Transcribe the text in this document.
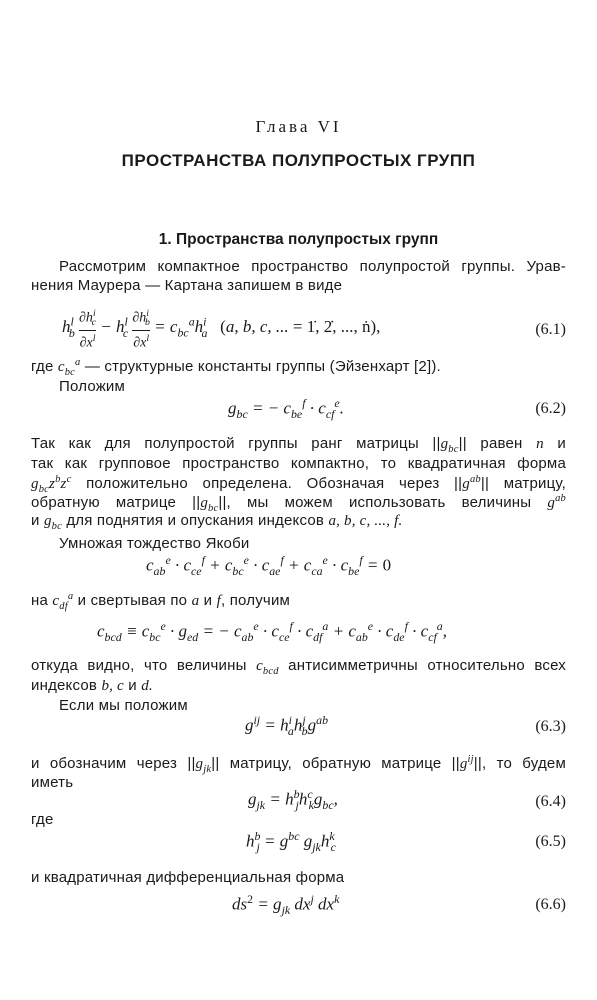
Глава VI
ПРОСТРАНСТВА ПОЛУПРОСТЫХ ГРУПП
1. Пространства полупростых групп
Рассмотрим компактное пространство полупростой группы. Урав-
нения Маурера — Картана запишем в виде
$h^l_b$
$\partial h^i_c$
$\partial x^l$
− $h^l_c$
$\partial h^i_b$
$\partial x^l$
= $c_{bc}^ah^i_a$   (a, b, c, ... = 1̇, 2̇, ..., ṅ),	(6.1)
где $c_{bc}^a$ — структурные константы группы (Эйзенхарт [2]).
Положим
$g_{bc}$ = − $c_{be}^f \cdot c_{cf}^e$.	(6.2)
Так как для полупростой группы ранг матрицы $||g_{bc}||$ равен n и
так как групповое пространство компактно, то квадратичная форма
$g_{bc}z^bz^c$ положительно определена. Обозначая через $||g^{ab}||$ матрицу,
обратную матрице $||g_{bc}||$, мы можем использовать величины $g^{ab}$
и $g_{bc}$ для поднятия и опускания индексов a, b, c, ..., f.
Умножая тождество Якоби
$c_{ab}^e \cdot c_{ce}^f + c_{bc}^e \cdot c_{ae}^f + c_{ca}^e \cdot c_{be}^f = 0$
на $c_{df}^a$ и свертывая по a и f, получим
$c_{bcd} \equiv c_{bc}^e \cdot g_{ed}$ = − $c_{ab}^e \cdot c_{ce}^f \cdot c_{df}^a + c_{ab}^e \cdot c_{de}^f \cdot c_{cf}^a$,
откуда видно, что величины $c_{bcd}$ антисимметричны относительно всех
индексов b, c и d.
Если мы положим
$g^{ij} = h^i_ah^j_bg^{ab}$	(6.3)
и обозначим через $||g_{jk}||$ матрицу, обратную матрице $||g^{ij}||$, то будем
иметь
$g_{jk} = h^b_jh^c_kg_{bc}$,	(6.4)
где
$h^b_j = g^{bc}$ $g_{jk}h^k_c$	(6.5)
и квадратичная дифференциальная форма
$ds^2 = g_{jk}$ $dx^j$ $dx^k$	(6.6)
